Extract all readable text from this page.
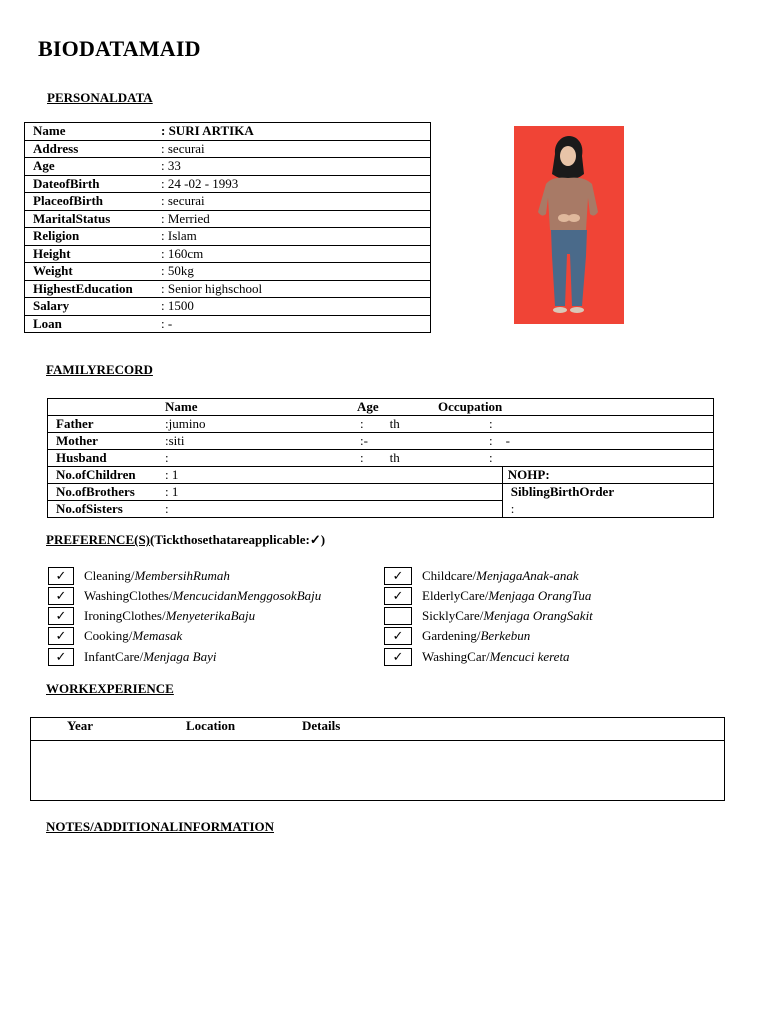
BIODATAMAID
PERSONALDATA
Name	: SURI ARTIKA
Address	: securai
Age	: 33
DateofBirth	: 24 -02 - 1993
PlaceofBirth	: securai
MaritalStatus	: Merried
Religion	: Islam
Height	: 160cm
Weight	: 50kg
HighestEducation	: Senior highschool
Salary	: 1500
Loan	: -
FAMILYRECORD
	Name	Age	Occupation	
Father	:jumino	:        th	:	
Mother	:siti	:-	:    -	
Husband	:	:        th	:	
No.ofChildren	: 1			NOHP:
No.ofBrothers	: 1			SiblingBirthOrder
No.ofSisters	:			:
PREFERENCE(S)(Tickthosethatareapplicable:✓)
✓ Cleaning/MembersihRumah
✓ WashingClothes/MencucidanMenggosokBaju
✓ IroningClothes/MenyeterikaBaju
✓ Cooking/Memasak
✓ InfantCare/Menjaga Bayi
✓ Childcare/MenjagaAnak-anak
✓ ElderlyCare/Menjaga OrangTua
SicklyCare/Menjaga OrangSakit
✓ Gardening/Berkebun
✓ WashingCar/Mencuci kereta
WORKEXPERIENCE
Year	Location	Details
NOTES/ADDITIONALINFORMATION
